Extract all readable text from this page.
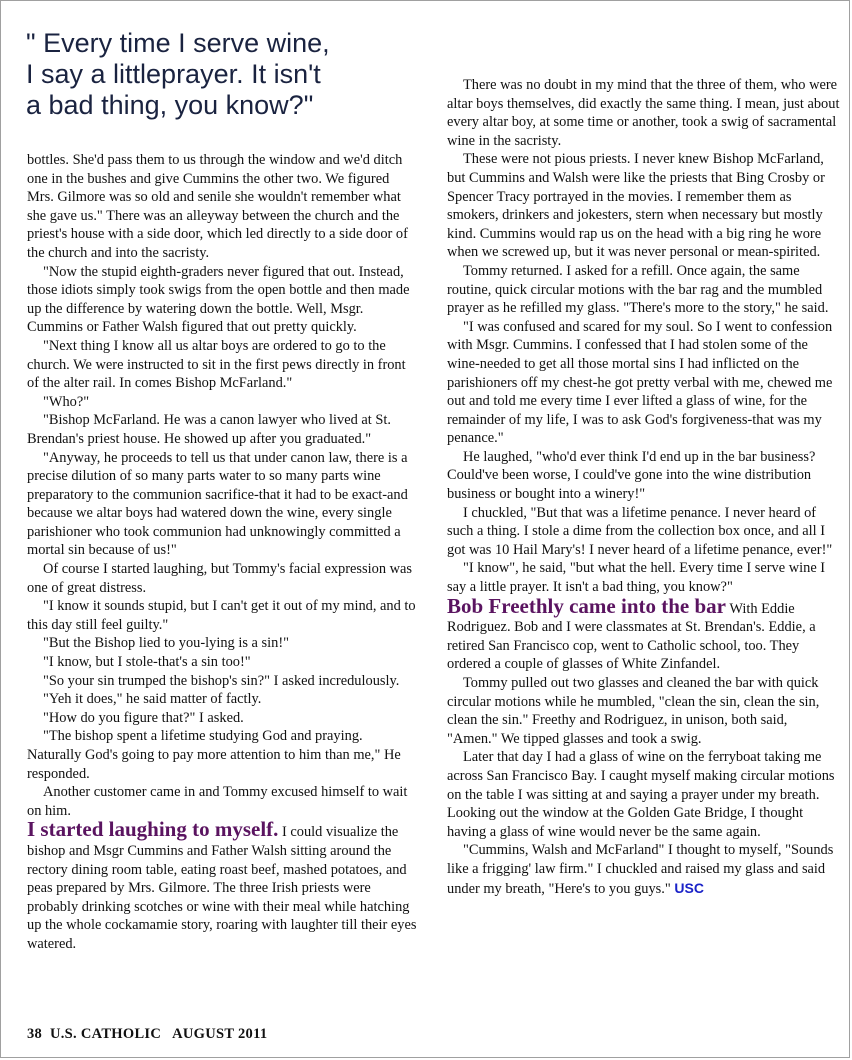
" Every time I serve wine,
I say a littleprayer. It isn't
a bad thing, you know?"

bottles. She'd pass them to us through the window and we'd ditch one in the bushes and give Cummins the other two. We figured Mrs. Gilmore was so old and senile she wouldn't remember what she gave us." There was an alleyway between the church and the priest's house with a side door, which led directly to a side door of the church and into the sacristy.

"Now the stupid eighth-graders never figured that out. Instead, those idiots simply took swigs from the open bottle and then made up the difference by watering down the bottle. Well, Msgr. Cummins or Father Walsh figured that out pretty quickly.

"Next thing I know all us altar boys are ordered to go to the church. We were instructed to sit in the first pews directly in front of the alter rail. In comes Bishop McFarland."

"Who?"

"Bishop McFarland. He was a canon lawyer who lived at St. Brendan's priest house. He showed up after you graduated."

"Anyway, he proceeds to tell us that under canon law, there is a precise dilution of so many parts water to so many parts wine preparatory to the communion sacrifice-that it had to be exact-and because we altar boys had watered down the wine, every single parishioner who took communion had unknowingly committed a mortal sin because of us!"

Of course I started laughing, but Tommy's facial expression was one of great distress.

"I know it sounds stupid, but I can't get it out of my mind, and to this day still feel guilty."

"But the Bishop lied to you-lying is a sin!"

"I know, but I stole-that's a sin too!"

"So your sin trumped the bishop's sin?" I asked incredulously.

"Yeh it does," he said matter of factly.

"How do you figure that?" I asked.

"The bishop spent a lifetime studying God and praying. Naturally God's going to pay more attention to him than me," He responded.

Another customer came in and Tommy excused himself to wait on him.

I started laughing to myself. I could visualize the bishop and Msgr Cummins and Father Walsh sitting around the rectory dining room table, eating roast beef, mashed potatoes, and peas prepared by Mrs. Gilmore. The three Irish priests were probably drinking scotches or wine with their meal while hatching up the whole cockamamie story, roaring with laughter till their eyes watered.

There was no doubt in my mind that the three of them, who were altar boys themselves, did exactly the same thing. I mean, just about every altar boy, at some time or another, took a swig of sacramental wine in the sacristy.

These were not pious priests. I never knew Bishop McFarland, but Cummins and Walsh were like the priests that Bing Crosby or Spencer Tracy portrayed in the movies. I remember them as smokers, drinkers and jokesters, stern when necessary but mostly kind. Cummins would rap us on the head with a big ring he wore when we screwed up, but it was never personal or mean-spirited.

Tommy returned. I asked for a refill. Once again, the same routine, quick circular motions with the bar rag and the mumbled prayer as he refilled my glass. "There's more to the story," he said.

"I was confused and scared for my soul. So I went to confession with Msgr. Cummins. I confessed that I had stolen some of the wine-needed to get all those mortal sins I had inflicted on the parishioners off my chest-he got pretty verbal with me, chewed me out and told me every time I ever lifted a glass of wine, for the remainder of my life, I was to ask God's forgiveness-that was my penance."

He laughed, "who'd ever think I'd end up in the bar business? Could've been worse, I could've gone into the wine distribution business or bought into a winery!"

I chuckled, "But that was a lifetime penance. I never heard of such a thing. I stole a dime from the collection box once, and all I got was 10 Hail Mary's! I never heard of a lifetime penance, ever!"

"I know", he said, "but what the hell. Every time I serve wine I say a little prayer. It isn't a bad thing, you know?"

Bob Freethly came into the bar With Eddie Rodriguez. Bob and I were classmates at St. Brendan's. Eddie, a retired San Francisco cop, went to Catholic school, too. They ordered a couple of glasses of White Zinfandel.

Tommy pulled out two glasses and cleaned the bar with quick circular motions while he mumbled, "clean the sin, clean the sin, clean the sin." Freethy and Rodriguez, in unison, both said, "Amen." We tipped glasses and took a swig.

Later that day I had a glass of wine on the ferryboat taking me across San Francisco Bay. I caught myself making circular motions on the table I was sitting at and saying a prayer under my breath. Looking out the window at the Golden Gate Bridge, I thought having a glass of wine would never be the same again.

"Cummins, Walsh and McFarland" I thought to myself, "Sounds like a frigging' law firm." I chuckled and raised my glass and said under my breath, "Here's to you guys." USC

38  U.S. CATHOLIC   AUGUST 2011
